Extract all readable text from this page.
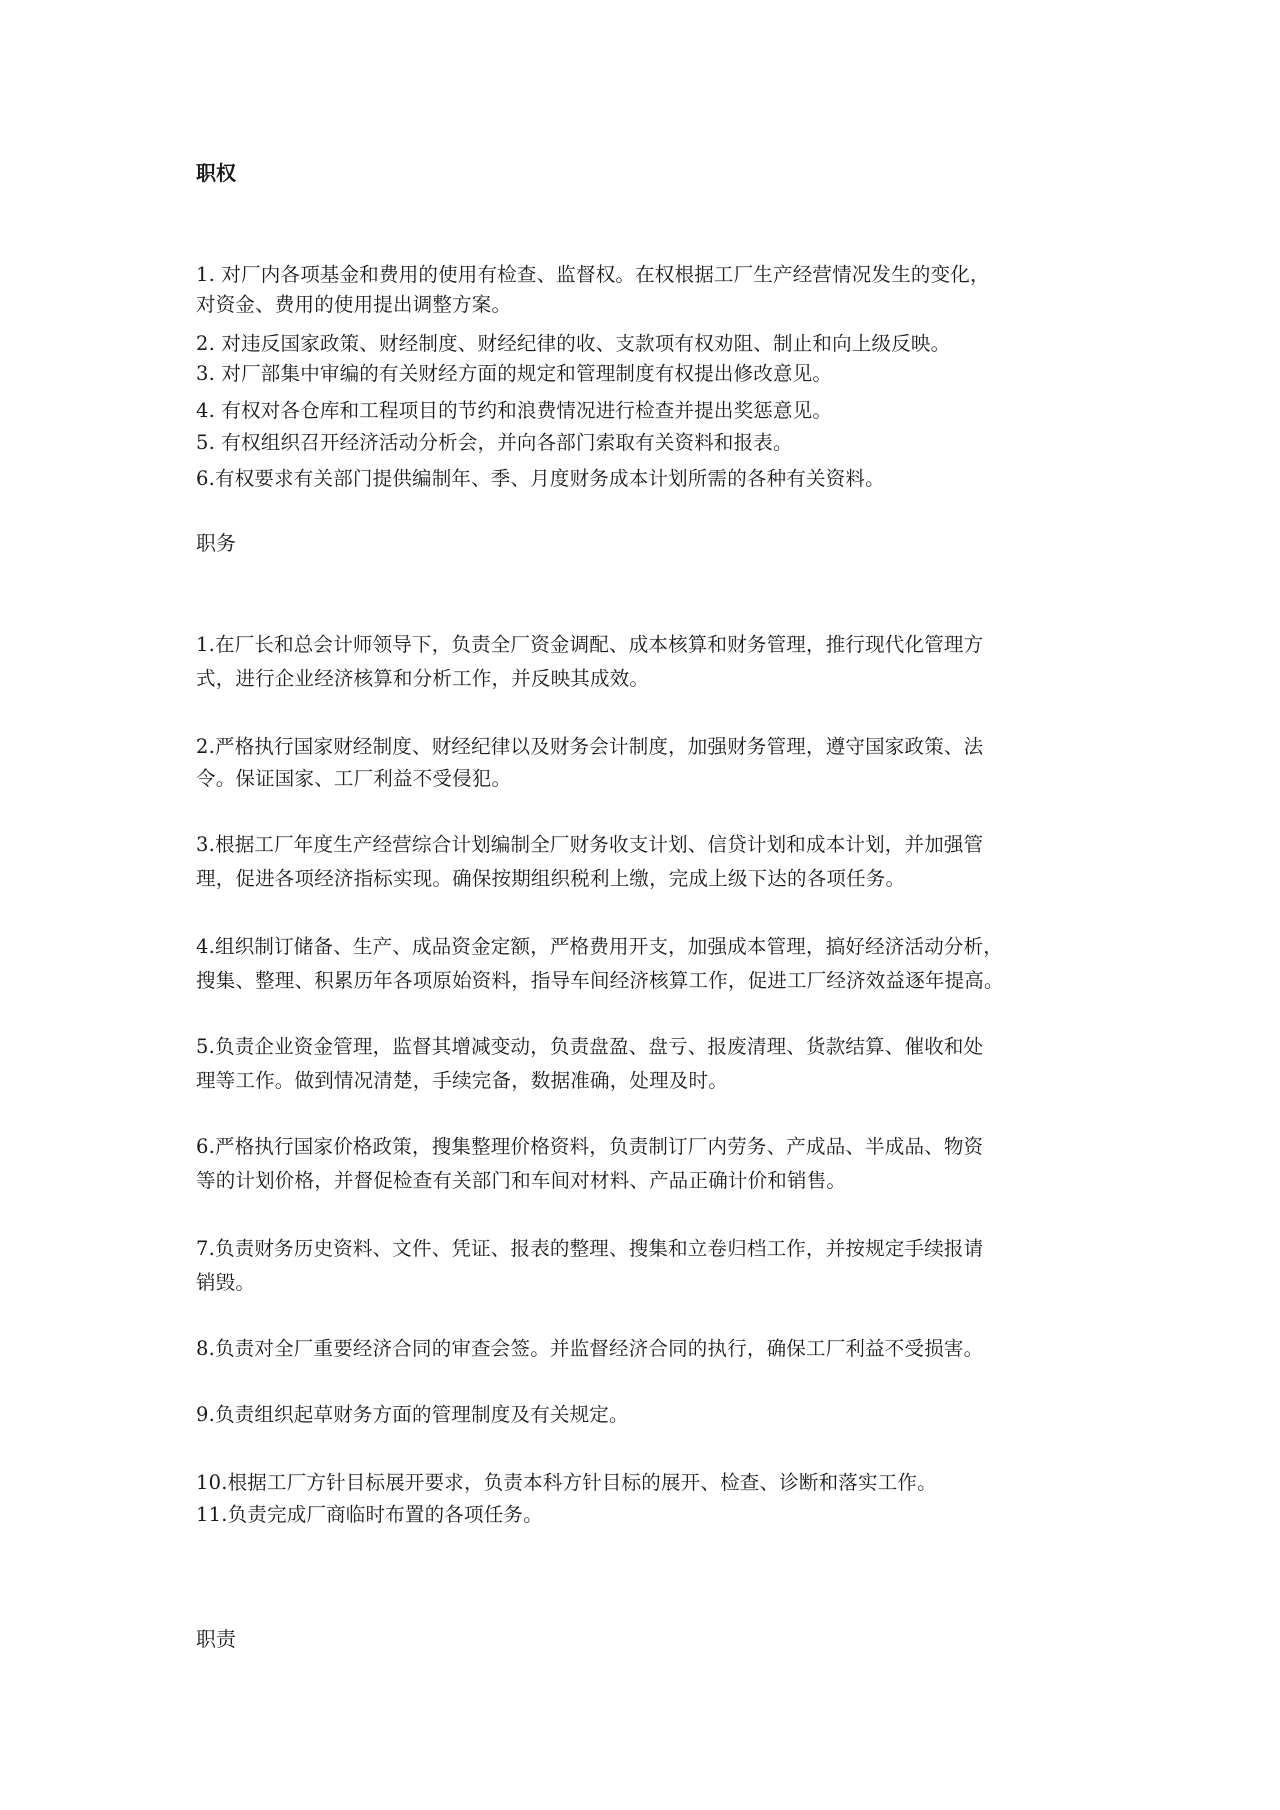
职权
1. 对厂内各项基金和费用的使用有检查、监督权。在权根据工厂生产经营情况发生的变化，
对资金、费用的使用提出调整方案。
2. 对违反国家政策、财经制度、财经纪律的收、支款项有权劝阻、制止和向上级反映。
3. 对厂部集中审编的有关财经方面的规定和管理制度有权提出修改意见。
4. 有权对各仓库和工程项目的节约和浪费情况进行检查并提出奖惩意见。
5. 有权组织召开经济活动分析会，并向各部门索取有关资料和报表。
6.有权要求有关部门提供编制年、季、月度财务成本计划所需的各种有关资料。
职务
1.在厂长和总会计师领导下，负责全厂资金调配、成本核算和财务管理，推行现代化管理方
式，进行企业经济核算和分析工作，并反映其成效。
2.严格执行国家财经制度、财经纪律以及财务会计制度，加强财务管理，遵守国家政策、法
令。保证国家、工厂利益不受侵犯。
3.根据工厂年度生产经营综合计划编制全厂财务收支计划、信贷计划和成本计划，并加强管
理，促进各项经济指标实现。确保按期组织税利上缴，完成上级下达的各项任务。
4.组织制订储备、生产、成品资金定额，严格费用开支，加强成本管理，搞好经济活动分析，
搜集、整理、积累历年各项原始资料，指导车间经济核算工作，促进工厂经济效益逐年提高。
5.负责企业资金管理，监督其增减变动，负责盘盈、盘亏、报废清理、货款结算、催收和处
理等工作。做到情况清楚，手续完备，数据准确，处理及时。
6.严格执行国家价格政策，搜集整理价格资料，负责制订厂内劳务、产成品、半成品、物资
等的计划价格，并督促检查有关部门和车间对材料、产品正确计价和销售。
7.负责财务历史资料、文件、凭证、报表的整理、搜集和立卷归档工作，并按规定手续报请
销毁。
8.负责对全厂重要经济合同的审查会签。并监督经济合同的执行，确保工厂利益不受损害。
9.负责组织起草财务方面的管理制度及有关规定。
10.根据工厂方针目标展开要求，负责本科方针目标的展开、检查、诊断和落实工作。
11.负责完成厂商临时布置的各项任务。
职责
